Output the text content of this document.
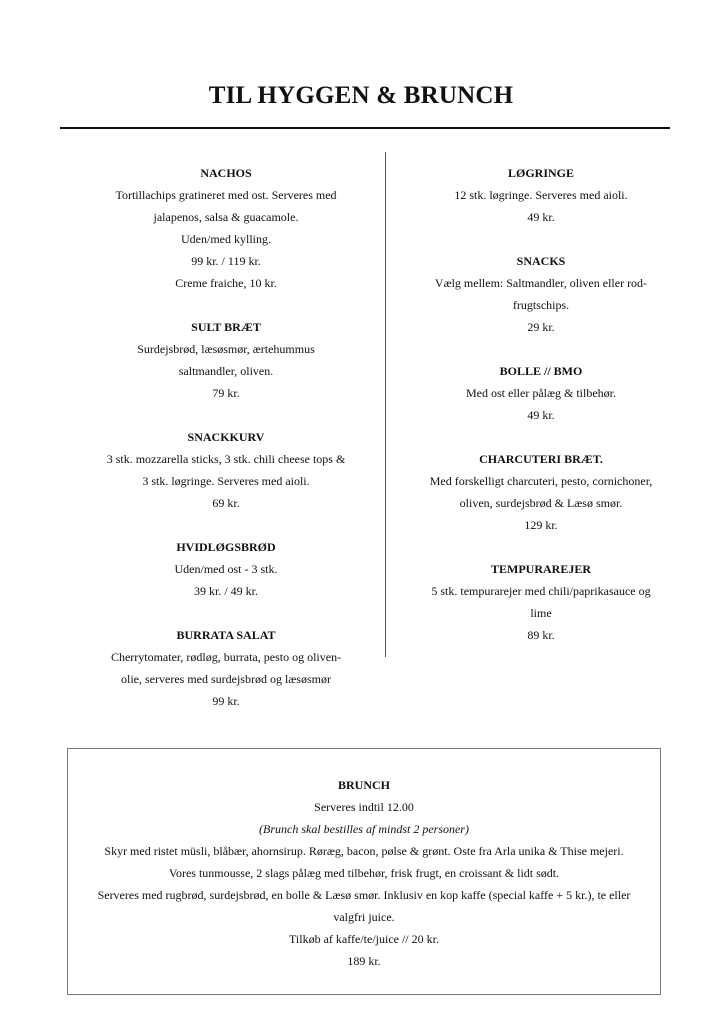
TIL HYGGEN & BRUNCH
NACHOS
Tortillachips gratineret med ost. Serveres med
jalapenos, salsa & guacamole.
Uden/med kylling.
99 kr. / 119 kr.
Creme fraiche, 10 kr.
SULT BRÆT
Surdejsbrød, læsøsmør, ærtehummus
saltmandler, oliven.
79 kr.
SNACKKURV
3 stk. mozzarella sticks, 3 stk. chili cheese tops &
3 stk. løgringe. Serveres med aioli.
69 kr.
HVIDLØGSBRØD
Uden/med ost - 3 stk.
39 kr. / 49 kr.
BURRATA SALAT
Cherrytomater, rødløg, burrata, pesto og oliven-
olie, serveres med surdejsbrød og læsøsmør
99 kr.
LØGRINGE
12 stk. løgringe. Serveres med aioli.
49 kr.
SNACKS
Vælg mellem: Saltmandler, oliven eller rod-
frugtschips.
29 kr.
BOLLE // BMO
Med ost eller pålæg & tilbehør.
49 kr.
CHARCUTERI BRÆT.
Med forskelligt charcuteri, pesto, cornichoner,
oliven, surdejsbrød & Læsø smør.
129 kr.
TEMPURAREJER
5 stk. tempurarejer med chili/paprikasauce og
lime
89 kr.
BRUNCH
Serveres indtil 12.00
(Brunch skal bestilles af mindst 2 personer)
Skyr med ristet müsli, blåbær, ahornsirup. Røræg, bacon, pølse & grønt. Oste fra Arla unika & Thise mejeri.
Vores tunmousse, 2 slags pålæg med tilbehør, frisk frugt, en croissant & lidt sødt.
Serveres med rugbrød, surdejsbrød, en bolle & Læsø smør. Inklusiv en kop kaffe (special kaffe + 5 kr.), te eller
valgfri juice.
Tilkøb af kaffe/te/juice // 20 kr.
189 kr.
